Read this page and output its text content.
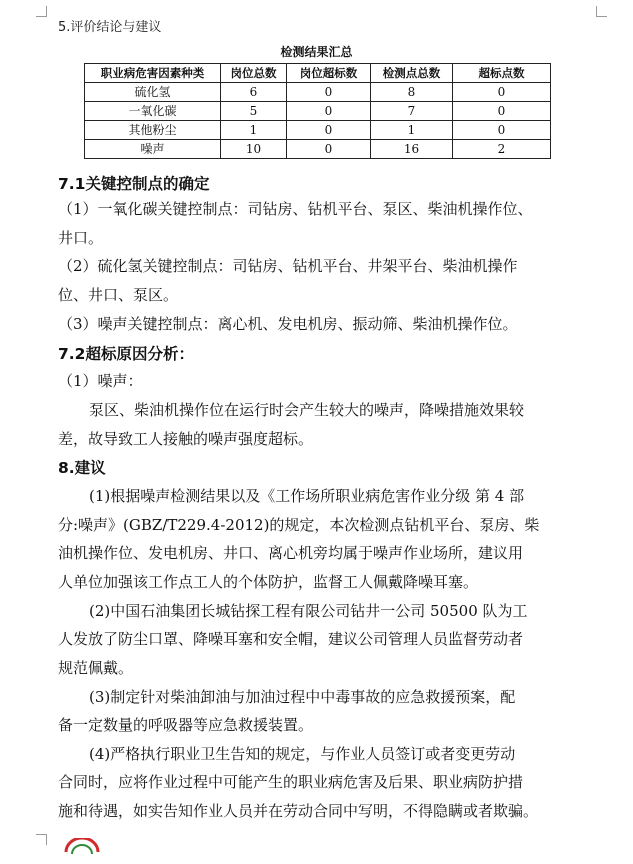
5.评价结论与建议
检测结果汇总
职业病危害因素种类	岗位总数	岗位超标数	检测点总数	超标点数
硫化氢	6	0	8	0
一氧化碳	5	0	7	0
其他粉尘	1	0	1	0
噪声	10	0	16	2
7.1关键控制点的确定
（1）一氧化碳关键控制点：司钻房、钻机平台、泵区、柴油机操作位、
井口。
（2）硫化氢关键控制点：司钻房、钻机平台、井架平台、柴油机操作
位、井口、泵区。
（3）噪声关键控制点：离心机、发电机房、振动筛、柴油机操作位。
7.2超标原因分析：
（1）噪声：
泵区、柴油机操作位在运行时会产生较大的噪声，降噪措施效果较
差，故导致工人接触的噪声强度超标。
8.建议
(1)根据噪声检测结果以及《工作场所职业病危害作业分级 第 4 部
分:噪声》(GBZ/T229.4-2012)的规定，本次检测点钻机平台、泵房、柴
油机操作位、发电机房、井口、离心机旁均属于噪声作业场所，建议用
人单位加强该工作点工人的个体防护，监督工人佩戴降噪耳塞。
(2)中国石油集团长城钻探工程有限公司钻井一公司 50500 队为工
人发放了防尘口罩、降噪耳塞和安全帽，建议公司管理人员监督劳动者
规范佩戴。
(3)制定针对柴油卸油与加油过程中中毒事故的应急救援预案，配
备一定数量的呼吸器等应急救援装置。
(4)严格执行职业卫生告知的规定，与作业人员签订或者变更劳动
合同时，应将作业过程中可能产生的职业病危害及后果、职业病防护措
施和待遇，如实告知作业人员并在劳动合同中写明，不得隐瞒或者欺骗。
